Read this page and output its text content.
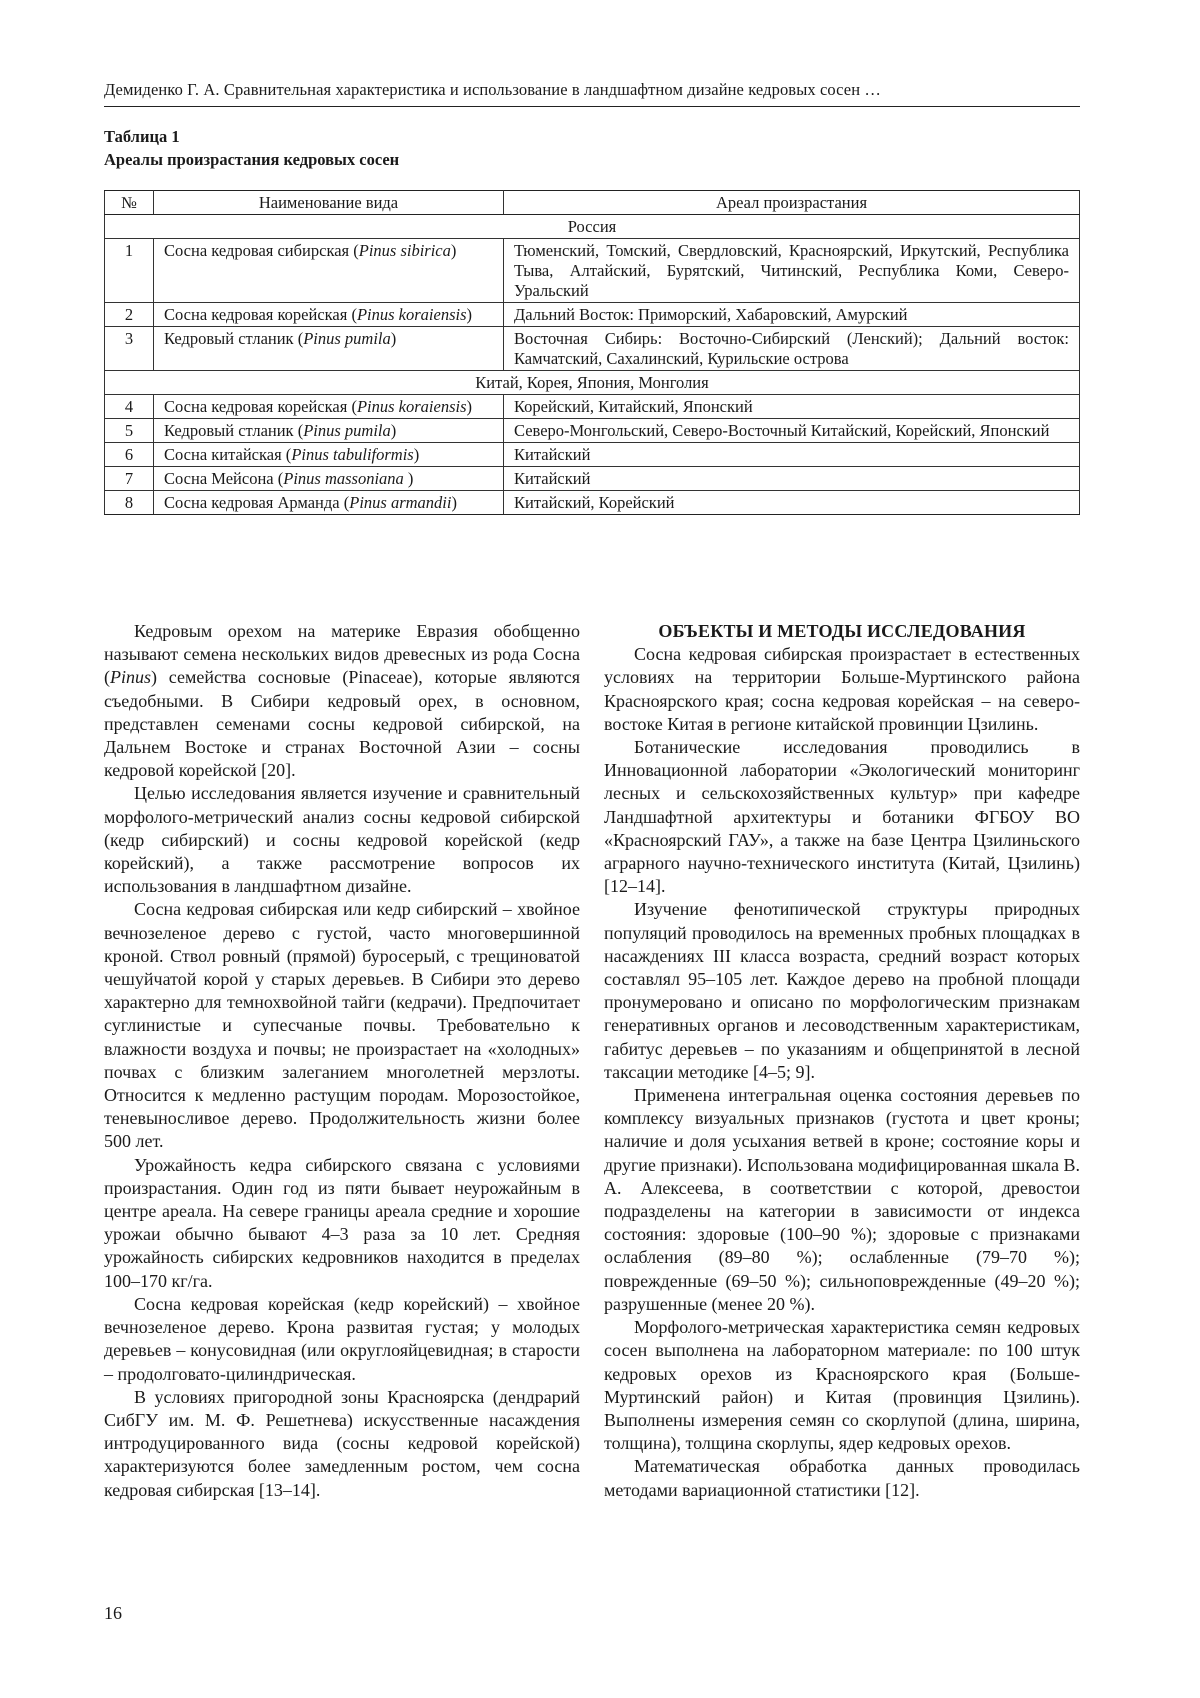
Демиденко Г. А. Сравнительная характеристика и использование в ландшафтном дизайне кедровых сосен …
Таблица 1
Ареалы произрастания кедровых сосен
№	Наименование вида	Ареал произрастания
Россия		
1	Сосна кедровая сибирская (Pinus sibirica)	Тюменский, Томский, Свердловский, Красноярский, Иркутский, Республика Тыва, Алтайский, Бурятский, Читинский, Республика Коми, Северо-Уральский
2	Сосна кедровая корейская (Pinus koraiensis)	Дальний Восток: Приморский, Хабаровский, Амурский
3	Кедровый стланик (Pinus pumila)	Восточная Сибирь: Восточно-Сибирский (Ленский); Дальний восток: Камчатский, Сахалинский, Курильские острова
Китай, Корея, Япония, Монголия		
4	Сосна кедровая корейская (Pinus koraiensis)	Корейский, Китайский, Японский
5	Кедровый стланик (Pinus pumila)	Северо-Монгольский, Северо-Восточный Китайский, Корейский, Японский
6	Сосна китайская (Pinus tabuliformis)	Китайский
7	Сосна Мейсона (Pinus massoniana )	Китайский
8	Сосна кедровая Арманда (Pinus armandii)	Китайский, Корейский

Кедровым орехом на материке Евразия обобщенно называют семена нескольких видов древесных из рода Сосна (Pinus) семейства сосновые (Pinaceae), которые являются съедобными. В Сибири кедровый орех, в основном, представлен семенами сосны кедровой сибирской, на Дальнем Востоке и странах Восточной Азии – сосны кедровой корейской [20].

Целью исследования является изучение и сравнительный морфолого-метрический анализ сосны кедровой сибирской (кедр сибирский) и сосны кедровой корейской (кедр корейский), а также рассмотрение вопросов их использования в ландшафтном дизайне.

Сосна кедровая сибирская или кедр сибирский – хвойное вечнозеленое дерево с густой, часто многовершинной кроной. Ствол ровный (прямой) буросерый, с трещиноватой чешуйчатой корой у старых деревьев. В Сибири это дерево характерно для темнохвойной тайги (кедрачи). Предпочитает суглинистые и супесчаные почвы. Требовательно к влажности воздуха и почвы; не произрастает на «холодных» почвах с близким залеганием многолетней мерзлоты. Относится к медленно растущим породам. Морозостойкое, теневыносливое дерево. Продолжительность жизни более 500 лет.

Урожайность кедра сибирского связана с условиями произрастания. Один год из пяти бывает неурожайным в центре ареала. На севере границы ареала средние и хорошие урожаи обычно бывают 4–3 раза за 10 лет. Средняя урожайность сибирских кедровников находится в пределах 100–170 кг/га.

Сосна кедровая корейская (кедр корейский) – хвойное вечнозеленое дерево. Крона развитая густая; у молодых деревьев – конусовидная (или округлояйцевидная; в старости – продолговато-цилиндрическая.

В условиях пригородной зоны Красноярска (дендрарий СибГУ им. М. Ф. Решетнева) искусственные насаждения интродуцированного вида (сосны кедровой корейской) характеризуются более замедленным ростом, чем сосна кедровая сибирская [13–14].

ОБЪЕКТЫ И МЕТОДЫ ИССЛЕДОВАНИЯ

Сосна кедровая сибирская произрастает в естественных условиях на территории Больше-Муртинского района Красноярского края; сосна кедровая корейская – на северо-востоке Китая в регионе китайской провинции Цзилинь.

Ботанические исследования проводились в Инновационной лаборатории «Экологический мониторинг лесных и сельскохозяйственных культур» при кафедре Ландшафтной архитектуры и ботаники ФГБОУ ВО «Красноярский ГАУ», а также на базе Центра Цзилиньского аграрного научно-технического института (Китай, Цзилинь) [12–14].

Изучение фенотипической структуры природных популяций проводилось на временных пробных площадках в насаждениях III класса возраста, средний возраст которых составлял 95–105 лет. Каждое дерево на пробной площади пронумеровано и описано по морфологическим признакам генеративных органов и лесоводственным характеристикам, габитус деревьев – по указаниям и общепринятой в лесной таксации методике [4–5; 9].

Применена интегральная оценка состояния деревьев по комплексу визуальных признаков (густота и цвет кроны; наличие и доля усыхания ветвей в кроне; состояние коры и другие признаки). Использована модифицированная шкала В. А. Алексеева, в соответствии с которой, древостои подразделены на категории в зависимости от индекса состояния: здоровые (100–90 %); здоровые с признаками ослабления (89–80 %); ослабленные (79–70 %); поврежденные (69–50 %); сильноповрежденные (49–20 %); разрушенные (менее 20 %).

Морфолого-метрическая характеристика семян кедровых сосен выполнена на лабораторном материале: по 100 штук кедровых орехов из Красноярского края (Больше-Муртинский район) и Китая (провинция Цзилинь). Выполнены измерения семян со скорлупой (длина, ширина, толщина), толщина скорлупы, ядер кедровых орехов.

Математическая обработка данных проводилась методами вариационной статистики [12].

16
